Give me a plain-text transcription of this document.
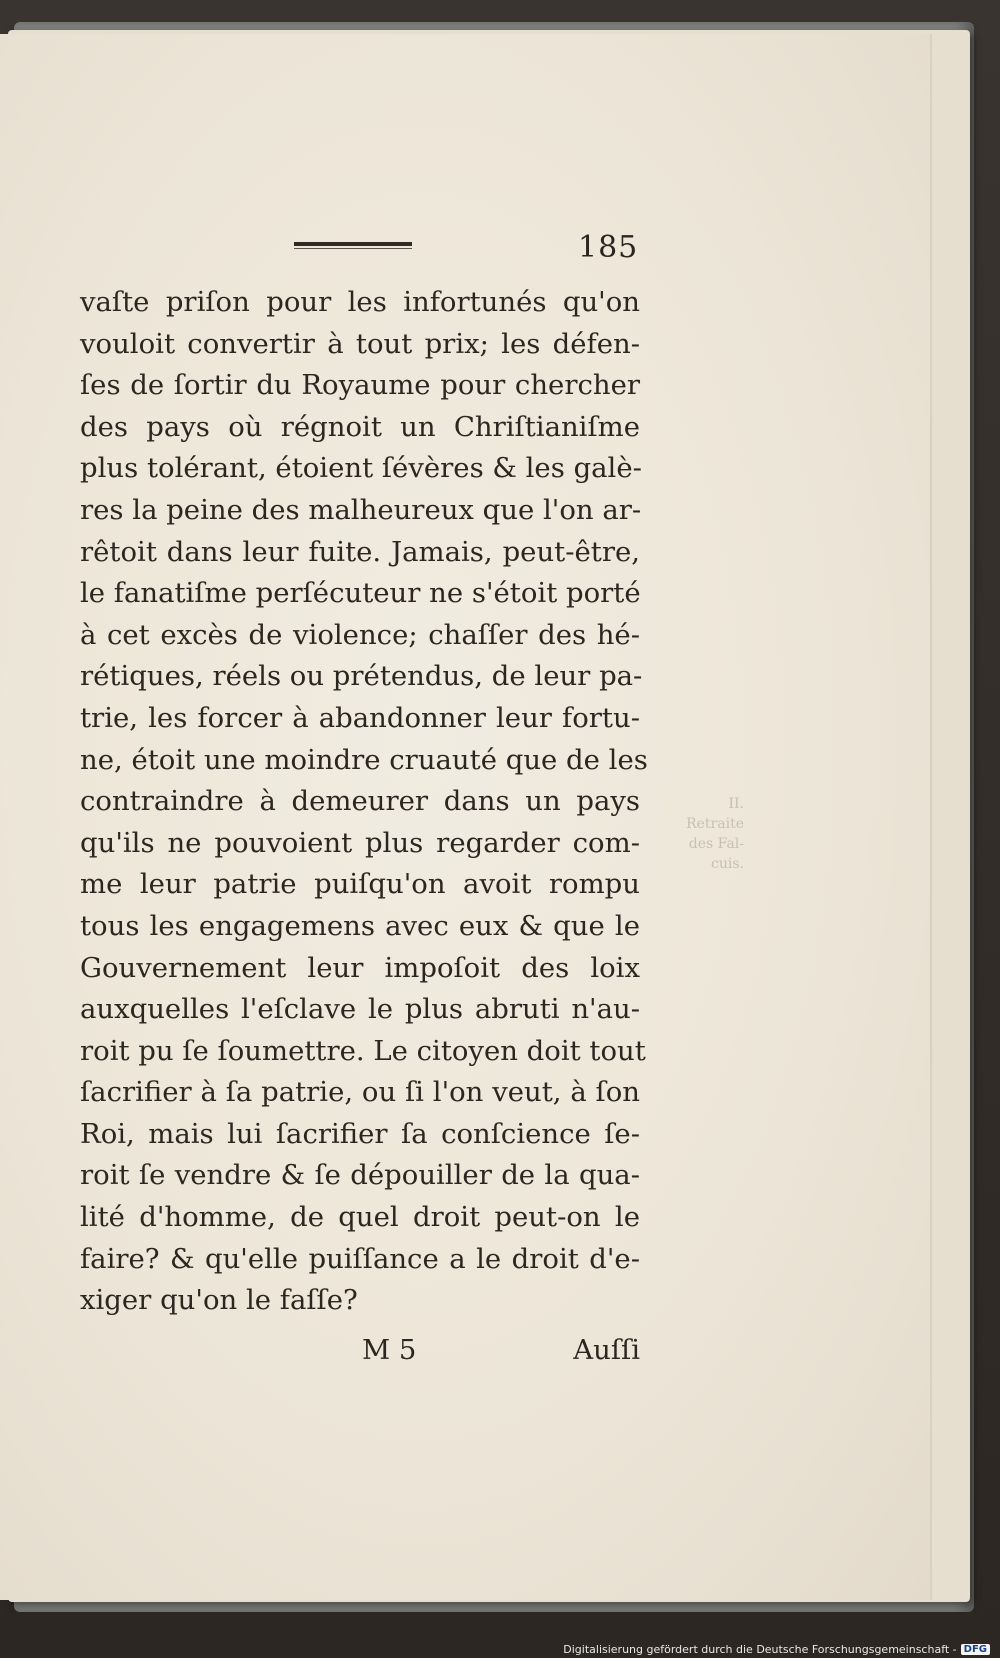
185
vaſte priſon pour les infortunés qu'on
vouloit convertir à tout prix; les défen-
ſes de ſortir du Royaume pour chercher
des pays où régnoit un Chriſtianiſme
plus tolérant, étoient ſévères & les galè-
res la peine des malheureux que l'on ar-
rêtoit dans leur fuite. Jamais, peut-être,
le fanatiſme perſécuteur ne s'étoit porté
à cet excès de violence; chaſſer des hé-
rétiques, réels ou prétendus, de leur pa-
trie, les forcer à abandonner leur fortu-
ne, étoit une moindre cruauté que de les
contraindre à demeurer dans un pays
qu'ils ne pouvoient plus regarder com-
me leur patrie puiſqu'on avoit rompu
tous les engagemens avec eux & que le
Gouvernement leur impoſoit des loix
auxquelles l'eſclave le plus abruti n'au-
roit pu ſe ſoumettre. Le citoyen doit tout
ſacrifier à ſa patrie, ou ſi l'on veut, à ſon
Roi, mais lui ſacrifier ſa conſcience ſe-
roit ſe vendre & ſe dépouiller de la qua-
lité d'homme, de quel droit peut-on le
faire? & qu'elle puiſſance a le droit d'e-
xiger qu'on le faſſe?
M 5	Auſſi
II.
Retraite
des Fal-
cuis.
Digitalisierung gefördert durch die Deutsche Forschungsgemeinschaft - DFG
